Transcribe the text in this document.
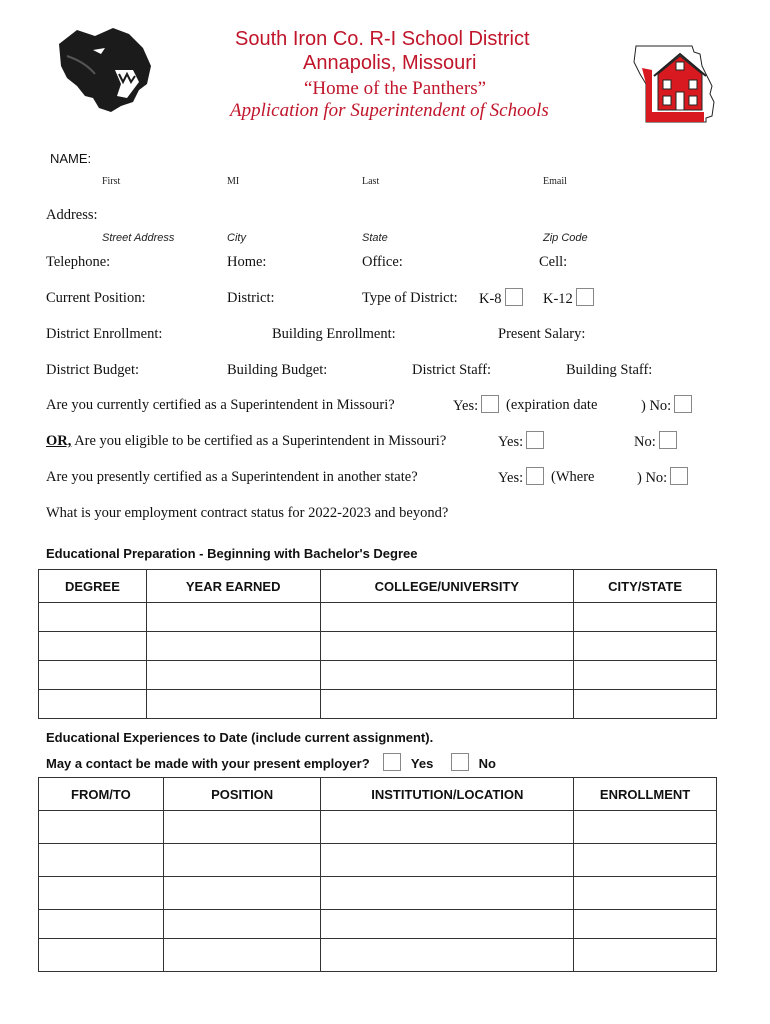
South Iron Co. R-I School District
Annapolis, Missouri
“Home of the Panthers”
Application for Superintendent of Schools
NAME:
First	MI	Last	Email
Address:
Street Address	City	State	Zip Code
Telephone:	Home:	Office:	Cell:
Current Position:	District:	Type of District: K-8	K-12
District Enrollment:	Building Enrollment:	Present Salary:
District Budget:	Building Budget:	District Staff:	Building Staff:
Are you currently certified as a Superintendent in Missouri?	Yes:	(expiration date	) No:
OR, Are you eligible to be certified as a Superintendent in Missouri?	Yes:	No:
Are you presently certified as a Superintendent in another state?	Yes:	(Where	) No:
What is your employment contract status for 2022-2023 and beyond?
Educational Preparation - Beginning with Bachelor's Degree
DEGREE	YEAR EARNED	COLLEGE/UNIVERSITY	CITY/STATE

Educational Experiences to Date (include current assignment).
May a contact be made with your present employer?	Yes	No
FROM/TO	POSITION	INSTITUTION/LOCATION	ENROLLMENT
